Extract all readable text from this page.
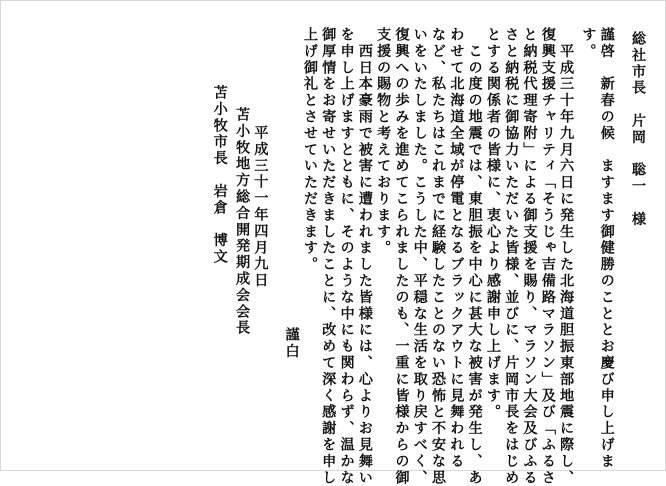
総社市長　片岡　聡一　様
謹啓　新春の候　ますます御健勝のこととお慶び申し上げま
す。
　平成三十年九月六日に発生した北海道胆振東部地震に際し、
復興支援チャリティ「そうじゃ吉備路マラソン」及び「ふるさ
と納税代理寄附」による御支援を賜り、マラソン大会及びふる
さと納税に御協力いただいた皆様、並びに、片岡市長をはじめ
とする関係者の皆様に、衷心より感謝申し上げます。
　この度の地震では、東胆振を中心に甚大な被害が発生し、あ
わせて北海道全域が停電となるブラックアウトに見舞われる
など、私たちはこれまでに経験したことのない恐怖と不安な思
いをいたしました。こうした中、平穏な生活を取り戻すべく、
復興への歩みを進めてこられましたのも、一重に皆様からの御
支援の賜物と考えております。
　西日本豪雨で被害に遭われました皆様には、心よりお見舞い
を申し上げますとともに、そのような中にも関わらず、温かな
御厚情をお寄せいただきましたことに、改めて深く感謝を申し
上げ御礼とさせていただきます。
謹白
平成三十一年四月九日
苫小牧地方総合開発期成会会長
苫小牧市長　岩倉　博文
